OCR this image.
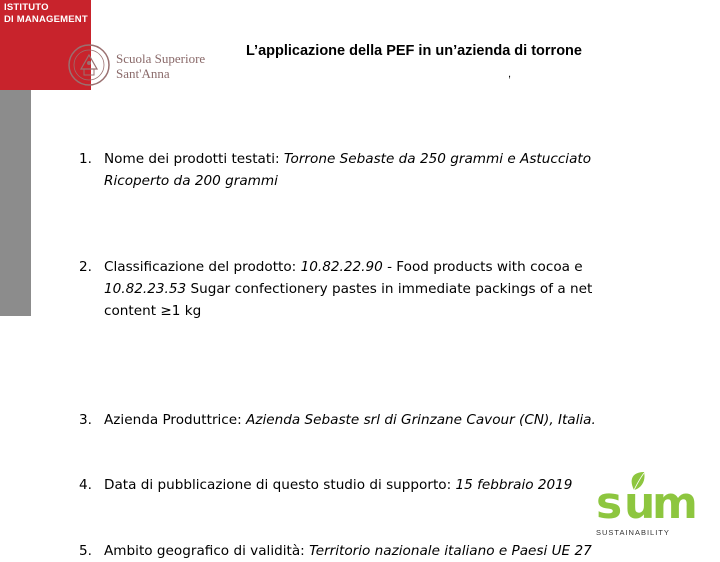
ISTITUTO
DI MANAGEMENT
Scuola Superiore
Sant'Anna
L’applicazione della PEF in un’azienda di torrone
,
1. Nome dei prodotti testati: Torrone Sebaste da 250 grammi e Astucciato
Ricoperto da 200 grammi
2. Classificazione del prodotto: 10.82.22.90 - Food products with cocoa e
10.82.23.53 Sugar confectionery pastes in immediate packings of a net
content ≥1 kg
3. Azienda Produttrice: Azienda Sebaste srl di Grinzane Cavour (CN), Italia.
4. Data di pubblicazione di questo studio di supporto: 15 febbraio 2019
5. Ambito geografico di validità: Territorio nazionale italiano e Paesi UE 27
s u
m
SUSTAINABILITY
